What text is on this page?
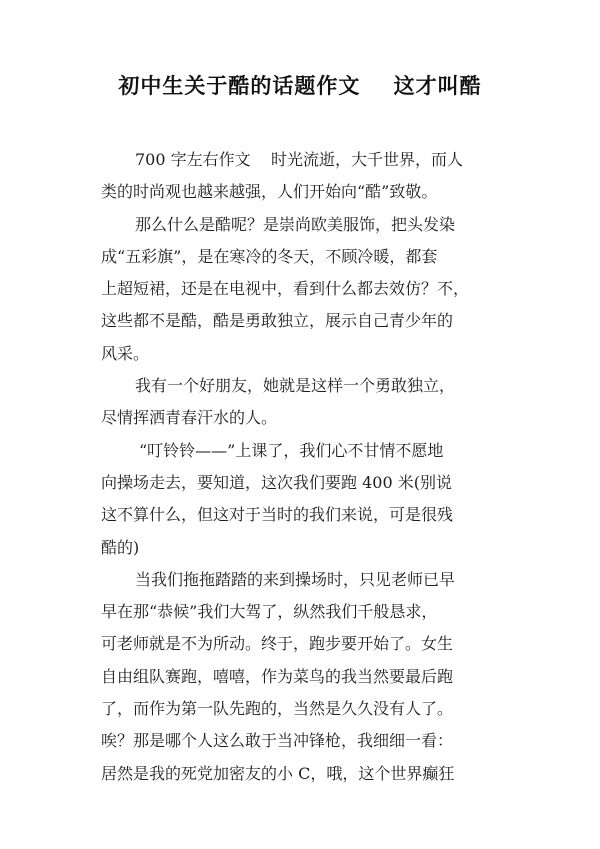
初中生关于酷的话题作文    这才叫酷
700 字左右作文    时光流逝，大千世界，而人
类的时尚观也越来越强，人们开始向“酷”致敬。
那么什么是酷呢？是崇尚欧美服饰，把头发染
成“五彩旗”，是在寒冷的冬天，不顾冷暖，都套
上超短裙，还是在电视中，看到什么都去效仿？不，
这些都不是酷，酷是勇敢独立，展示自己青少年的
风采。
我有一个好朋友，她就是这样一个勇敢独立，
尽情挥洒青春汗水的人。
“叮铃铃——”上课了，我们心不甘情不愿地
向操场走去，要知道，这次我们要跑 400 米(别说
这不算什么，但这对于当时的我们来说，可是很残
酷的)
当我们拖拖踏踏的来到操场时，只见老师已早
早在那“恭候”我们大驾了，纵然我们千般恳求，
可老师就是不为所动。终于，跑步要开始了。女生
自由组队赛跑，嘻嘻，作为菜鸟的我当然要最后跑
了，而作为第一队先跑的，当然是久久没有人了。
唉？那是哪个人这么敢于当冲锋枪，我细细一看：
居然是我的死党加密友的小 C，哦，这个世界癫狂
